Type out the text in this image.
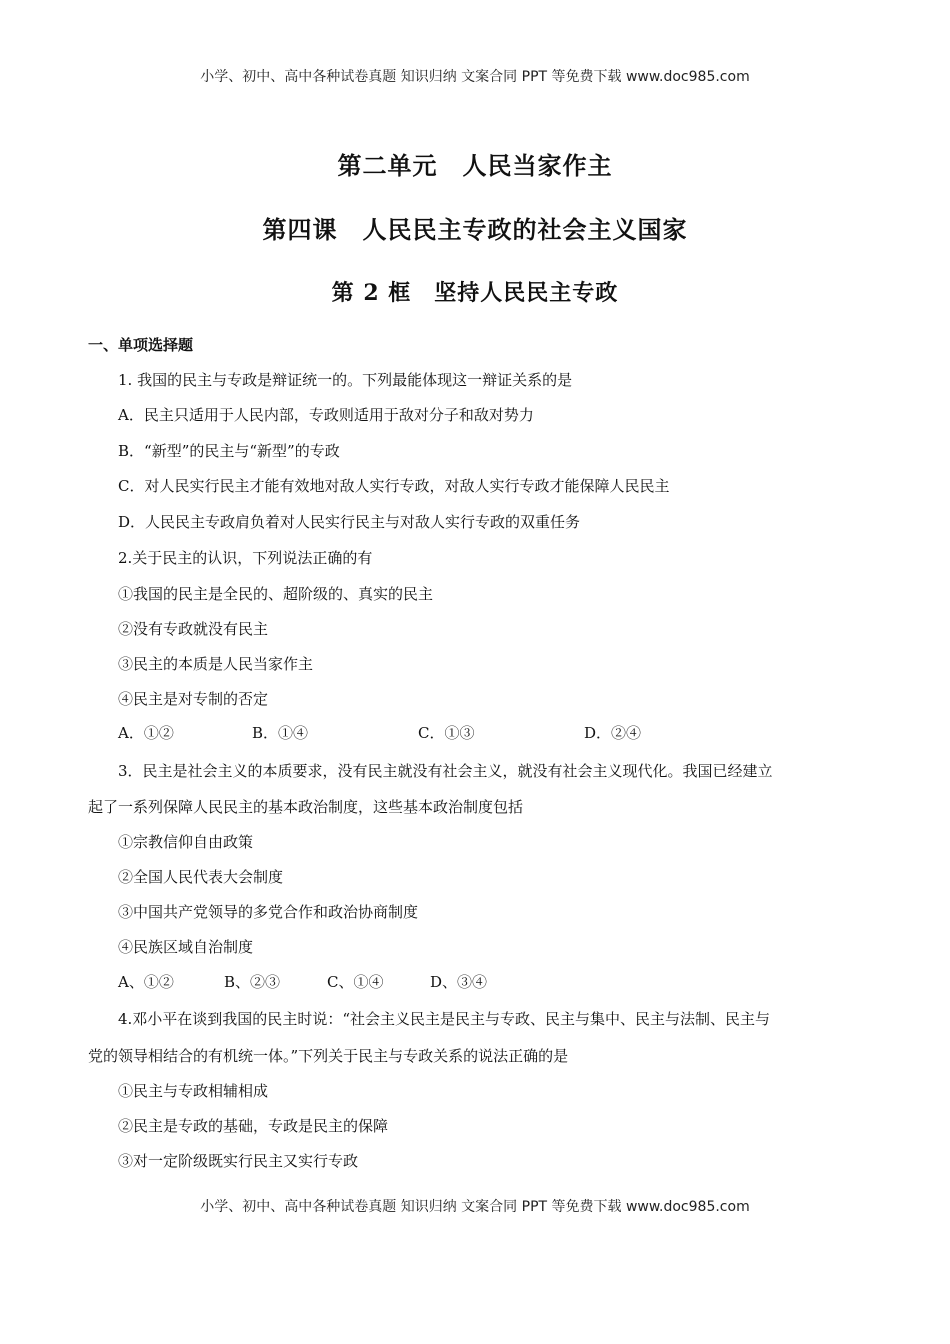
小学、初中、高中各种试卷真题 知识归纳 文案合同 PPT 等免费下载 www.doc985.com
第二单元　人民当家作主
第四课　人民民主专政的社会主义国家
第 2 框　坚持人民民主专政
一、单项选择题
1. 我国的民主与专政是辩证统一的。下列最能体现这一辩证关系的是
A．民主只适用于人民内部，专政则适用于敌对分子和敌对势力
B．“新型”的民主与“新型”的专政
C．对人民实行民主才能有效地对敌人实行专政，对敌人实行专政才能保障人民民主
D．人民民主专政肩负着对人民实行民主与对敌人实行专政的双重任务
2.关于民主的认识，下列说法正确的有
①我国的民主是全民的、超阶级的、真实的民主
②没有专政就没有民主
③民主的本质是人民当家作主
④民主是对专制的否定
A．①②	B．①④	C．①③	D．②④
3．民主是社会主义的本质要求，没有民主就没有社会主义，就没有社会主义现代化。我国已经建立
起了一系列保障人民民主的基本政治制度，这些基本政治制度包括
①宗教信仰自由政策
②全国人民代表大会制度
③中国共产党领导的多党合作和政治协商制度
④民族区域自治制度
A、①②	B、②③	C、①④	D、③④
4.邓小平在谈到我国的民主时说：“社会主义民主是民主与专政、民主与集中、民主与法制、民主与
党的领导相结合的有机统一体。”下列关于民主与专政关系的说法正确的是
①民主与专政相辅相成
②民主是专政的基础，专政是民主的保障
③对一定阶级既实行民主又实行专政
小学、初中、高中各种试卷真题 知识归纳 文案合同 PPT 等免费下载 www.doc985.com
